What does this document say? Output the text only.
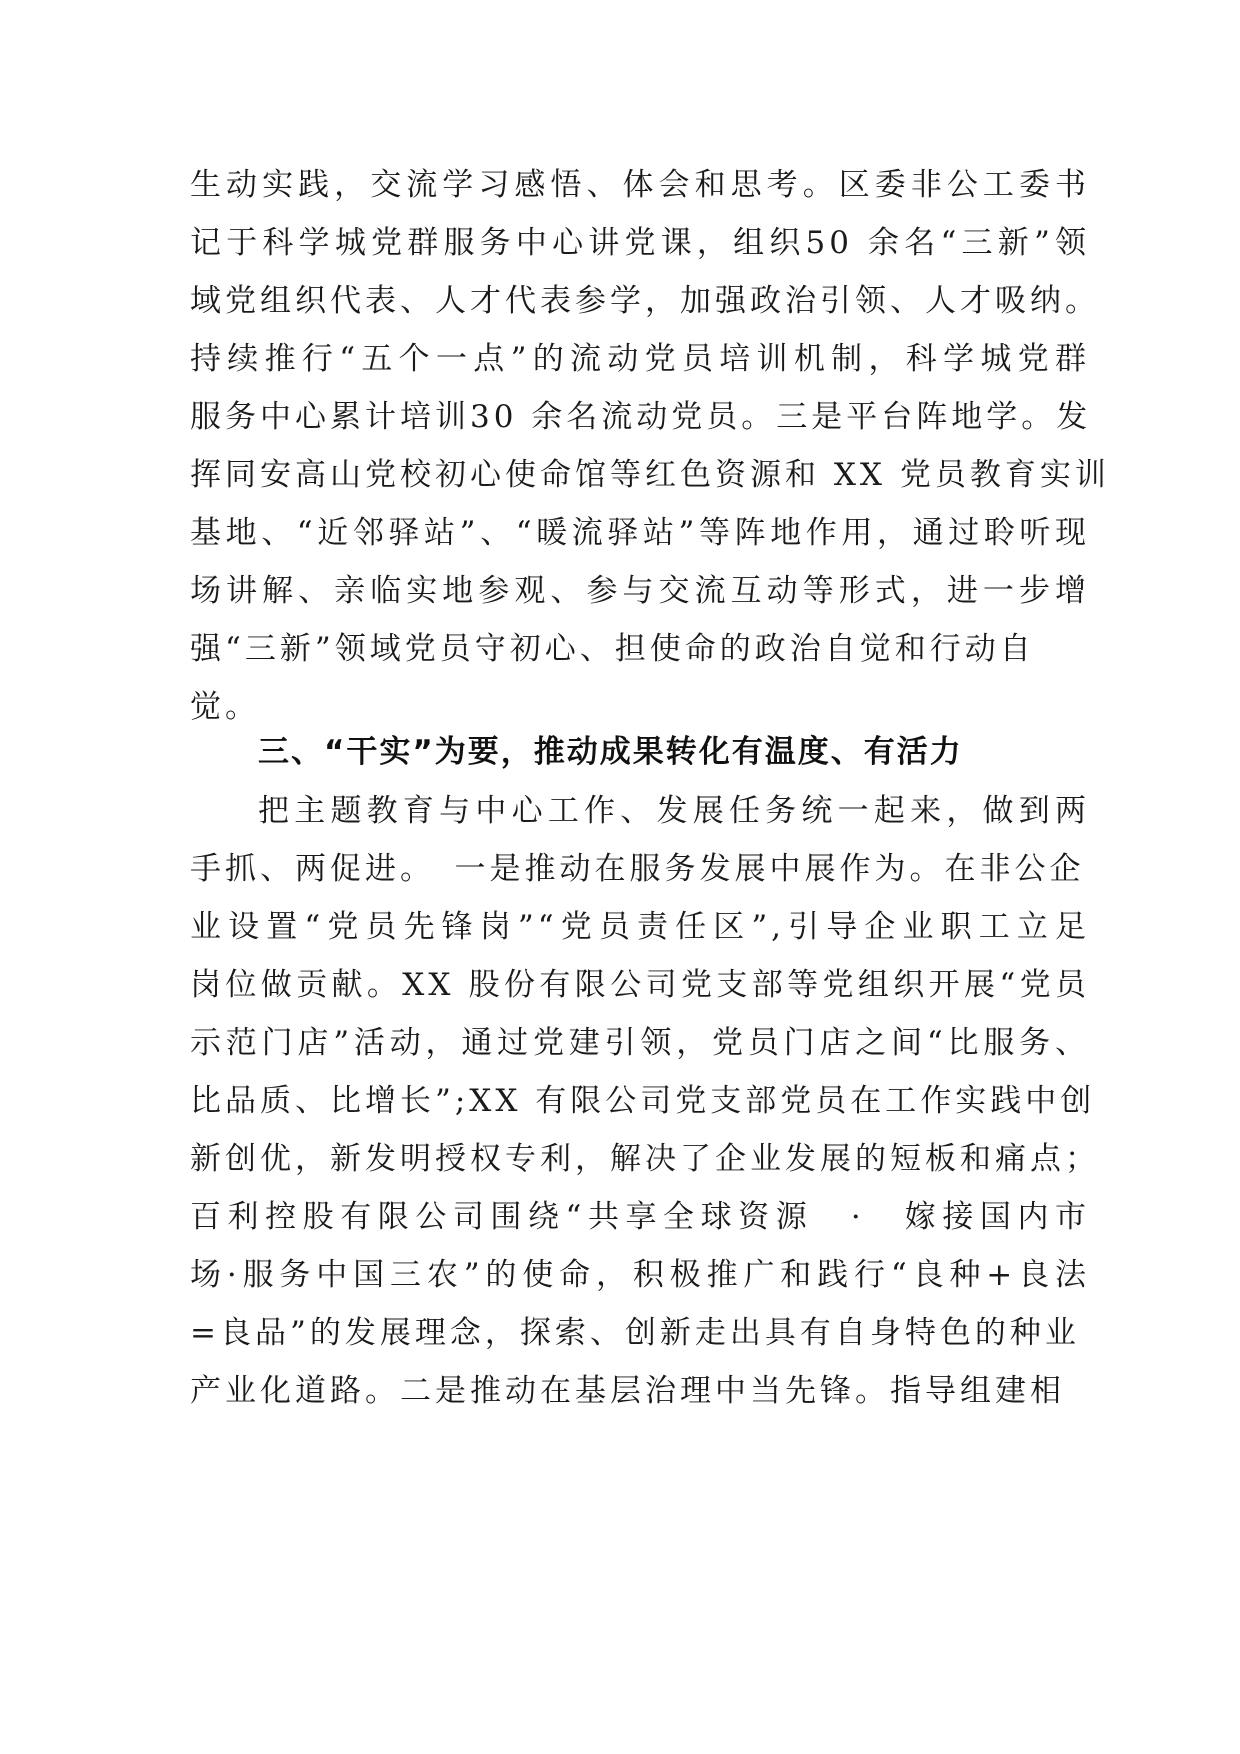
生动实践，交流学习感悟、体会和思考。区委非公工委书
记于科学城党群服务中心讲党课，组织50 余名“三新”领
域党组织代表、人才代表参学，加强政治引领、人才吸纳。
持续推行“五个一点”的流动党员培训机制，科学城党群
服务中心累计培训30 余名流动党员。三是平台阵地学。发
挥同安高山党校初心使命馆等红色资源和 XX 党员教育实训
基地、“近邻驿站”、“暖流驿站”等阵地作用，通过聆听现
场讲解、亲临实地参观、参与交流互动等形式，进一步增
强“三新”领域党员守初心、担使命的政治自觉和行动自
觉。
三、“干实”为要，推动成果转化有温度、有活力
把主题教育与中心工作、发展任务统一起来，做到两
手抓、两促进。　一是推动在服务发展中展作为。在非公企
业设置“党员先锋岗”“党员责任区”,引导企业职工立足
岗位做贡献。XX 股份有限公司党支部等党组织开展“党员
示范门店”活动，通过党建引领，党员门店之间“比服务、
比品质、比增长”;XX 有限公司党支部党员在工作实践中创
新创优，新发明授权专利，解决了企业发展的短板和痛点；
百利控股有限公司围绕“共享全球资源　·　嫁接国内市
场·服务中国三农”的使命，积极推广和践行“良种+良法
=良品”的发展理念，探索、创新走出具有自身特色的种业
产业化道路。二是推动在基层治理中当先锋。指导组建相
